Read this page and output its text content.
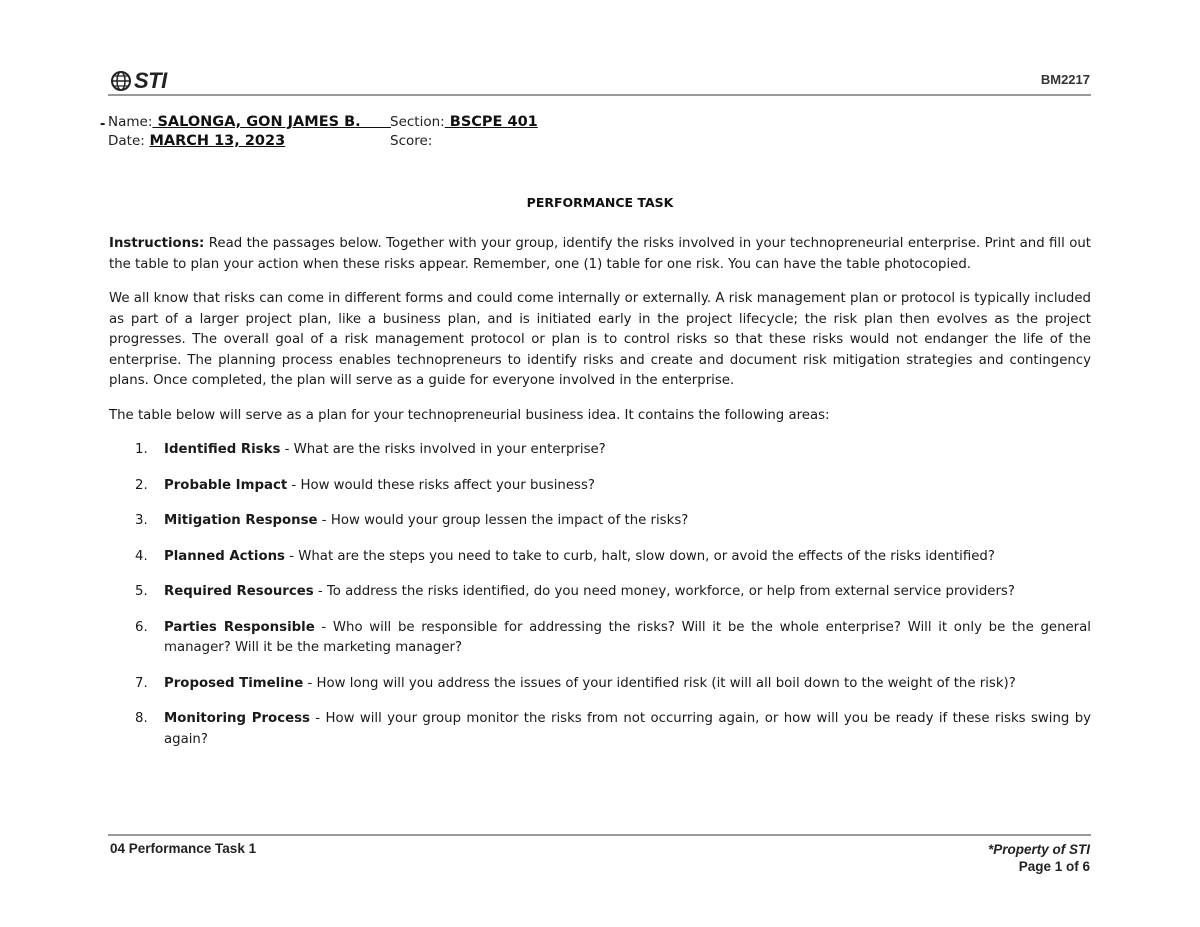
STI	BM2217
- Name: SALONGA, GON JAMES B. Section: BSCPE 401
Date: MARCH 13, 2023	Score:
PERFORMANCE TASK
Instructions: Read the passages below. Together with your group, identify the risks involved in your technopreneurial enterprise. Print and fill out the table to plan your action when these risks appear. Remember, one (1) table for one risk. You can have the table photocopied.
We all know that risks can come in different forms and could come internally or externally. A risk management plan or protocol is typically included as part of a larger project plan, like a business plan, and is initiated early in the project lifecycle; the risk plan then evolves as the project progresses. The overall goal of a risk management protocol or plan is to control risks so that these risks would not endanger the life of the enterprise. The planning process enables technopreneurs to identify risks and create and document risk mitigation strategies and contingency plans. Once completed, the plan will serve as a guide for everyone involved in the enterprise.
The table below will serve as a plan for your technopreneurial business idea. It contains the following areas:
1. Identified Risks - What are the risks involved in your enterprise?
2. Probable Impact - How would these risks affect your business?
3. Mitigation Response - How would your group lessen the impact of the risks?
4. Planned Actions - What are the steps you need to take to curb, halt, slow down, or avoid the effects of the risks identified?
5. Required Resources - To address the risks identified, do you need money, workforce, or help from external service providers?
6. Parties Responsible - Who will be responsible for addressing the risks? Will it be the whole enterprise? Will it only be the general manager? Will it be the marketing manager?
7. Proposed Timeline - How long will you address the issues of your identified risk (it will all boil down to the weight of the risk)?
8. Monitoring Process - How will your group monitor the risks from not occurring again, or how will you be ready if these risks swing by again?
04 Performance Task 1	*Property of STI
Page 1 of 6
